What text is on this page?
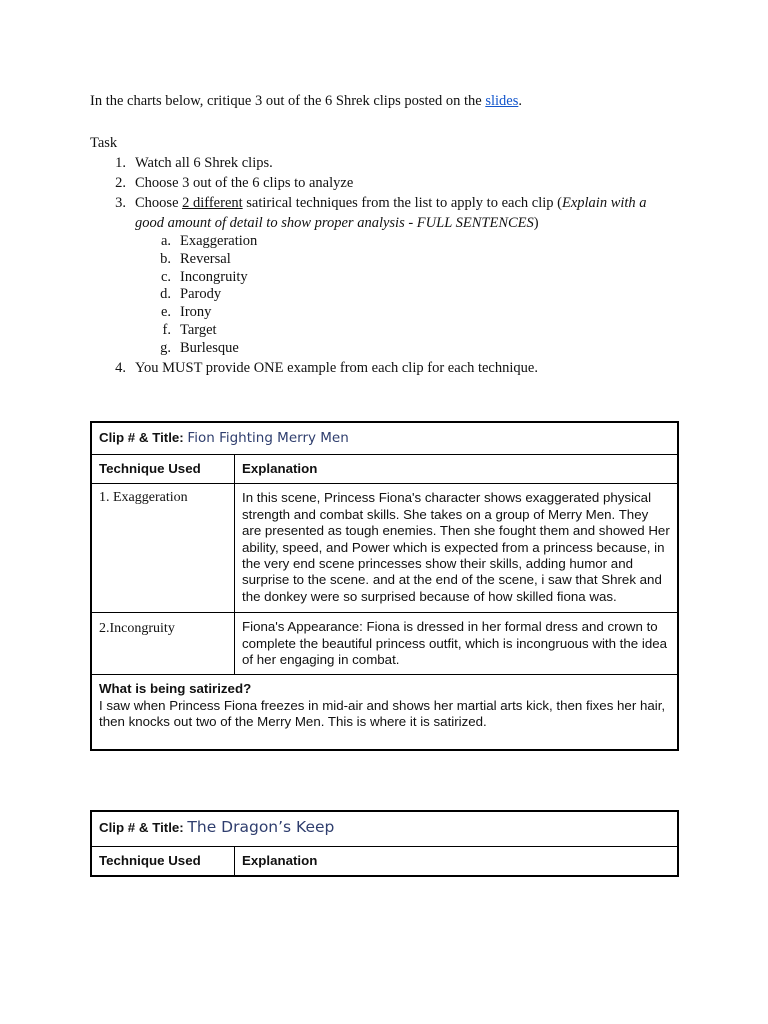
In the charts below, critique 3 out of the 6 Shrek clips posted on the slides.
Task
1. Watch all 6 Shrek clips.
2. Choose 3 out of the 6 clips to analyze
3. Choose 2 different satirical techniques from the list to apply to each clip (Explain with a good amount of detail to show proper analysis - FULL SENTENCES)
a. Exaggeration
b. Reversal
c. Incongruity
d. Parody
e. Irony
f. Target
g. Burlesque
4. You MUST provide ONE example from each clip for each technique.
Clip # & Title: Fion Fighting Merry Men	
Technique Used	Explanation
1. Exaggeration	In this scene, Princess Fiona's character shows exaggerated physical strength and combat skills. She takes on a group of Merry Men. They are presented as tough enemies. Then she fought them and showed Her ability, speed, and Power which is expected from a princess because, in the very end scene princesses show their skills, adding humor and surprise to the scene. and at the end of the scene, i saw that Shrek and the donkey were so surprised because of how skilled fiona was.
2.Incongruity	Fiona's Appearance: Fiona is dressed in her formal dress and crown to complete the beautiful princess outfit, which is incongruous with the idea of her engaging in combat.
What is being satirized?
I saw when Princess Fiona freezes in mid-air and shows her martial arts kick, then fixes her hair, then knocks out two of the Merry Men. This is where it is satirized.	
Clip # & Title: The Dragon’s Keep
Technique Used	Explanation
